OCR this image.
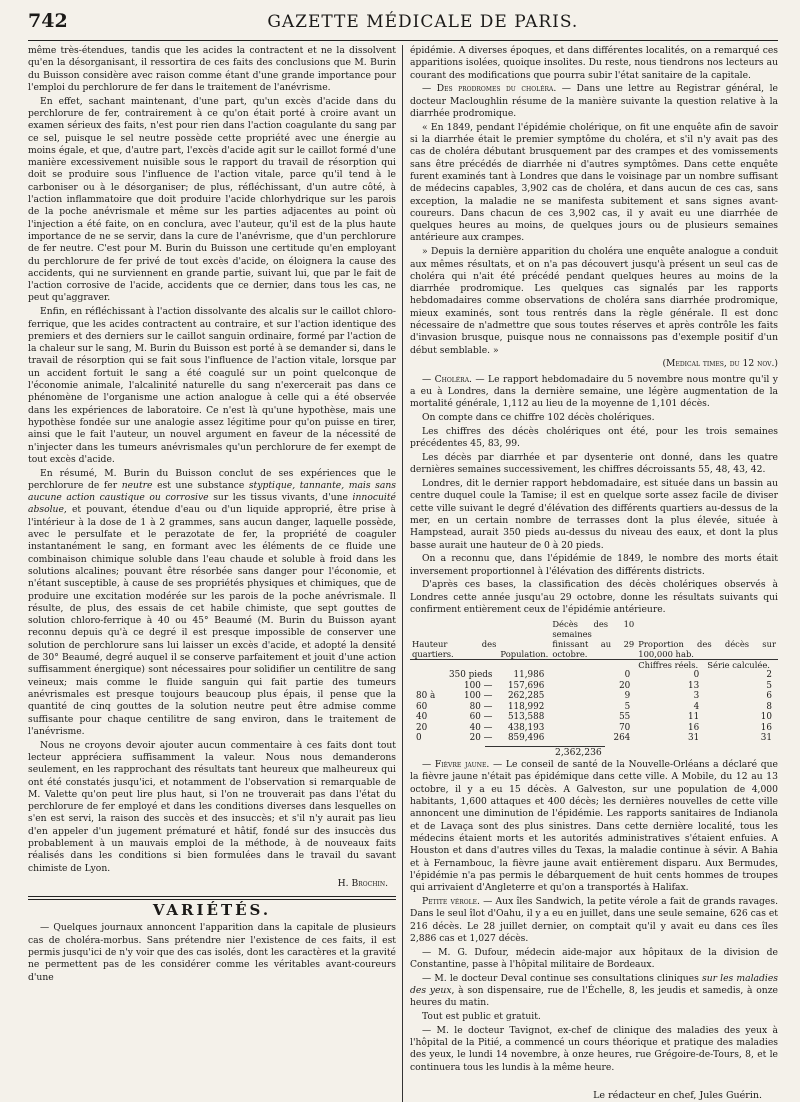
742	GAZETTE MÉDICALE DE PARIS.

même très-étendues, tandis que les acides la contractent et ne la dissolvent qu'en la désorganisant, il ressortira de ces faits des conclusions que M. Burin du Buisson considère avec raison comme étant d'une grande importance pour l'emploi du perchlorure de fer dans le traitement de l'anévrisme.

En effet, sachant maintenant, d'une part, qu'un excès d'acide dans du perchlorure de fer, contrairement à ce qu'on était porté à croire avant un examen sérieux des faits, n'est pour rien dans l'action coagulante du sang par ce sel, puisque le sel neutre possède cette propriété avec une énergie au moins égale, et que, d'autre part, l'excès d'acide agit sur le caillot formé d'une manière excessivement nuisible sous le rapport du travail de résorption qui doit se produire sous l'influence de l'action vitale, parce qu'il tend à le carboniser ou à le désorganiser; de plus, réfléchissant, d'un autre côté, à l'action inflammatoire que doit produire l'acide chlorhydrique sur les parois de la poche anévrismale et même sur les parties adjacentes au point où l'injection a été faite, on en conclura, avec l'auteur, qu'il est de la plus haute importance de ne se servir, dans la cure de l'anévrisme, que d'un perchlorure de fer neutre. C'est pour M. Burin du Buisson une certitude qu'en employant du perchlorure de fer privé de tout excès d'acide, on éloignera la cause des accidents, qui ne surviennent en grande partie, suivant lui, que par le fait de l'action corrosive de l'acide, accidents que ce dernier, dans tous les cas, ne peut qu'aggraver.

Enfin, en réfléchissant à l'action dissolvante des alcalis sur le caillot chloro-ferrique, que les acides contractent au contraire, et sur l'action identique des premiers et des derniers sur le caillot sanguin ordinaire, formé par l'action de la chaleur sur le sang, M. Burin du Buisson est porté à se demander si, dans le travail de résorption qui se fait sous l'influence de l'action vitale, lorsque par un accident fortuit le sang a été coagulé sur un point quelconque de l'économie animale, l'alcalinité naturelle du sang n'exercerait pas dans ce phénomène de l'organisme une action analogue à celle qui a été observée dans les expériences de laboratoire. Ce n'est là qu'une hypothèse, mais une hypothèse fondée sur une analogie assez légitime pour qu'on puisse en tirer, ainsi que le fait l'auteur, un nouvel argument en faveur de la nécessité de n'injecter dans les tumeurs anévrismales qu'un perchlorure de fer exempt de tout excès d'acide.

En résumé, M. Burin du Buisson conclut de ses expériences que le perchlorure de fer neutre est une substance styptique, tannante, mais sans aucune action caustique ou corrosive sur les tissus vivants, d'une innocuité absolue, et pouvant, étendue d'eau ou d'un liquide approprié, être prise à l'intérieur à la dose de 1 à 2 grammes, sans aucun danger, laquelle possède, avec le persulfate et le perazotate de fer, la propriété de coaguler instantanément le sang, en formant avec les éléments de ce fluide une combinaison chimique soluble dans l'eau chaude et soluble à froid dans les solutions alcalines; pouvant être résorbée sans danger pour l'économie, et n'étant susceptible, à cause de ses propriétés physiques et chimiques, que de produire une excitation modérée sur les parois de la poche anévrismale. Il résulte, de plus, des essais de cet habile chimiste, que sept gouttes de solution chloro-ferrique à 40 ou 45° Beaumé (M. Burin du Buisson ayant reconnu depuis qu'à ce degré il est presque impossible de conserver une solution de perchlorure sans lui laisser un excès d'acide, et adopté la densité de 30° Beaumé, degré auquel il se conserve parfaitement et jouit d'une action suffisamment énergique) sont nécessaires pour solidifier un centilitre de sang veineux; mais comme le fluide sanguin qui fait partie des tumeurs anévrismales est presque toujours beaucoup plus épais, il pense que la quantité de cinq gouttes de la solution neutre peut être admise comme suffisante pour chaque centilitre de sang environ, dans le traitement de l'anévrisme.

Nous ne croyons devoir ajouter aucun commentaire à ces faits dont tout lecteur appréciera suffisamment la valeur. Nous nous demanderons seulement, en les rapprochant des résultats tant heureux que malheureux qui ont été constatés jusqu'ici, et notamment de l'observation si remarquable de M. Valette qu'on peut lire plus haut, si l'on ne trouverait pas dans l'état du perchlorure de fer employé et dans les conditions diverses dans lesquelles on s'en est servi, la raison des succès et des insuccès; et s'il n'y aurait pas lieu d'en appeler d'un jugement prématuré et hâtif, fondé sur des insuccès dus probablement à un mauvais emploi de la méthode, à de nouveaux faits réalisés dans les conditions si bien formulées dans le travail du savant chimiste de Lyon.

H. Brochin.
VARIÉTÉS.

— Quelques journaux annoncent l'apparition dans la capitale de plusieurs cas de choléra-morbus. Sans prétendre nier l'existence de ces faits, il est permis jusqu'ici de n'y voir que des cas isolés, dont les caractères et la gravité ne permettent pas de les considérer comme les véritables avant-coureurs d'une

épidémie. A diverses époques, et dans différentes localités, on a remarqué ces apparitions isolées, quoique insolites. Du reste, nous tiendrons nos lecteurs au courant des modifications que pourra subir l'état sanitaire de la capitale.

— Des prodromes du choléra. — Dans une lettre au Registrar général, le docteur Macloughlin résume de la manière suivante la question relative à la diarrhée prodromique.

« En 1849, pendant l'épidémie cholérique, on fit une enquête afin de savoir si la diarrhée était le premier symptôme du choléra, et s'il n'y avait pas des cas de choléra débutant brusquement par des crampes et des vomissements sans être précédés de diarrhée ni d'autres symptômes. Dans cette enquête furent examinés tant à Londres que dans le voisinage par un nombre suffisant de médecins capables, 3,902 cas de choléra, et dans aucun de ces cas, sans exception, la maladie ne se manifesta subitement et sans signes avant-coureurs. Dans chacun de ces 3,902 cas, il y avait eu une diarrhée de quelques heures au moins, de quelques jours ou de plusieurs semaines antérieure aux crampes.

» Depuis la dernière apparition du choléra une enquête analogue a conduit aux mêmes résultats, et on n'a pas découvert jusqu'à présent un seul cas de choléra qui n'ait été précédé pendant quelques heures au moins de la diarrhée prodromique. Les quelques cas signalés par les rapports hebdomadaires comme observations de choléra sans diarrhée prodromique, mieux examinés, sont tous rentrés dans la règle générale. Il est donc nécessaire de n'admettre que sous toutes réserves et après contrôle les faits d'invasion brusque, puisque nous ne connaissons pas d'exemple positif d'un début semblable. »

(Medical times, du 12 nov.)

— Choléra. — Le rapport hebdomadaire du 5 novembre nous montre qu'il y a eu à Londres, dans la dernière semaine, une légère augmentation de la mortalité générale, 1,112 au lieu de la moyenne de 1,101 décès.

On compte dans ce chiffre 102 décès cholériques.

Les chiffres des décès cholériques ont été, pour les trois semaines précédentes 45, 83, 99.

Les décès par diarrhée et par dysenterie ont donné, dans les quatre dernières semaines successivement, les chiffres décroissants 55, 48, 43, 42.

Londres, dit le dernier rapport hebdomadaire, est située dans un bassin au centre duquel coule la Tamise; il est en quelque sorte assez facile de diviser cette ville suivant le degré d'élévation des différents quartiers au-dessus de la mer, en un certain nombre de terrasses dont la plus élevée, située à Hampstead, aurait 350 pieds au-dessus du niveau des eaux, et dont la plus basse aurait une hauteur de 0 à 20 pieds.

On a reconnu que, dans l'épidémie de 1849, le nombre des morts était inversement proportionnel à l'élévation des différents districts.

D'après ces bases, la classification des décès cholériques observés à Londres cette année jusqu'au 29 octobre, donne les résultats suivants qui confirment entièrement ceux de l'épidémie antérieure.

			Décès des 10 semaines		
Hauteur des quartiers.		Population.	finissant au 29 octobre.	Proportion des décès sur 100,000 hab.	
				Chiffres réels.	Série calculée.
	350 pieds	11,986	0	0	2
	100 —	157,696	20	13	5
80 à	100 —	262,285	9	3	6
60	80 —	118,992	5	4	8
40	60 —	513,588	55	11	10
20	40 —	438,193	70	16	16
0	20 —	859,496	264	31	31
2,362,236

— Fièvre jaune. — Le conseil de santé de la Nouvelle-Orléans a déclaré que la fièvre jaune n'était pas épidémique dans cette ville. A Mobile, du 12 au 13 octobre, il y a eu 15 décès. A Galveston, sur une population de 4,000 habitants, 1,600 attaques et 400 décès; les dernières nouvelles de cette ville annoncent une diminution de l'épidémie. Les rapports sanitaires de Indianola et de Lavaça sont des plus sinistres. Dans cette dernière localité, tous les médecins étaient morts et les autorités administratives s'étaient enfuies. A Houston et dans d'autres villes du Texas, la maladie continue à sévir. A Bahia et à Fernambouc, la fièvre jaune avait entièrement disparu. Aux Bermudes, l'épidémie n'a pas permis le débarquement de huit cents hommes de troupes qui arrivaient d'Angleterre et qu'on a transportés à Halifax.

Petite vérole. — Aux îles Sandwich, la petite vérole a fait de grands ravages. Dans le seul îlot d'Oahu, il y a eu en juillet, dans une seule semaine, 626 cas et 216 décès. Le 28 juillet dernier, on comptait qu'il y avait eu dans ces îles 2,886 cas et 1,027 décès.

— M. G. Dufour, médecin aide-major aux hôpitaux de la division de Constantine, passe à l'hôpital militaire de Bordeaux.

— M. le docteur Deval continue ses consultations cliniques sur les maladies des yeux, à son dispensaire, rue de l'Échelle, 8, les jeudis et samedis, à onze heures du matin.

Tout est public et gratuit.

— M. le docteur Tavignot, ex-chef de clinique des maladies des yeux à l'hôpital de la Pitié, a commencé un cours théorique et pratique des maladies des yeux, le lundi 14 novembre, à onze heures, rue Grégoire-de-Tours, 8, et le continuera tous les lundis à la même heure.

Le rédacteur en chef, Jules Guérin.
